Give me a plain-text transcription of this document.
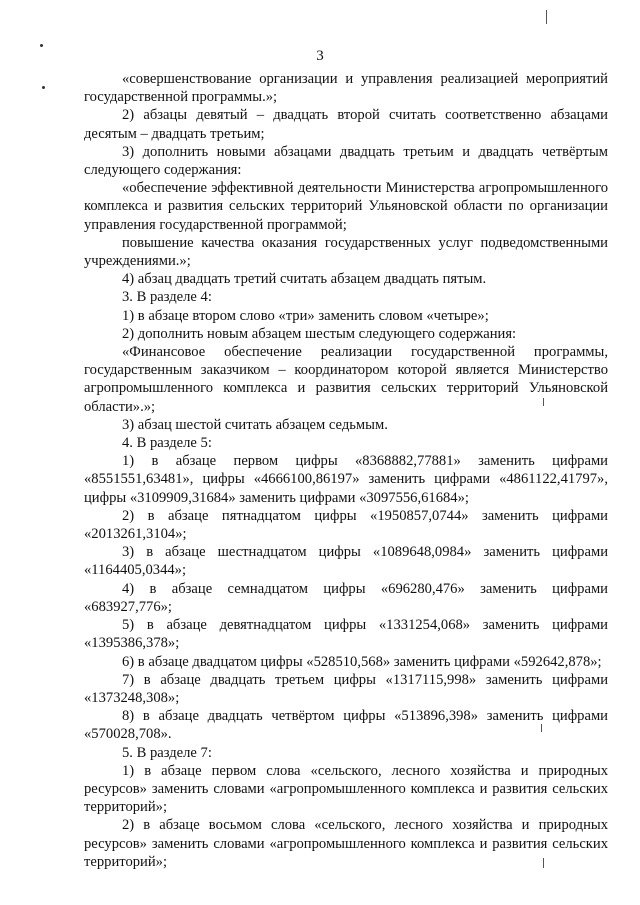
3

«совершенствование организации и управления реализацией мероприятий государственной программы.»;

2) абзацы девятый – двадцать второй считать соответственно абзацами десятым – двадцать третьим;

3) дополнить новыми абзацами двадцать третьим и двадцать четвёртым следующего содержания:

«обеспечение эффективной деятельности Министерства агропромышленного комплекса и развития сельских территорий Ульяновской области по организации управления государственной программой;

повышение качества оказания государственных услуг подведомственными учреждениями.»;

4) абзац двадцать третий считать абзацем двадцать пятым.

3. В разделе 4:

1) в абзаце втором слово «три» заменить словом «четыре»;

2) дополнить новым абзацем шестым следующего содержания:

«Финансовое обеспечение реализации государственной программы, государственным заказчиком – координатором которой является Министерство агропромышленного комплекса и развития сельских территорий Ульяновской области».»;

3) абзац шестой считать абзацем седьмым.

4. В разделе 5:

1) в абзаце первом цифры «8368882,77881» заменить цифрами «8551551,63481», цифры «4666100,86197» заменить цифрами «4861122,41797», цифры «3109909,31684» заменить цифрами «3097556,61684»;

2) в абзаце пятнадцатом цифры «1950857,0744» заменить цифрами «2013261,3104»;

3) в абзаце шестнадцатом цифры «1089648,0984» заменить цифрами «1164405,0344»;

4) в абзаце семнадцатом цифры «696280,476» заменить цифрами «683927,776»;

5) в абзаце девятнадцатом цифры «1331254,068» заменить цифрами «1395386,378»;

6) в абзаце двадцатом цифры «528510,568» заменить цифрами «592642,878»;

7) в абзаце двадцать третьем цифры «1317115,998» заменить цифрами «1373248,308»;

8) в абзаце двадцать четвёртом цифры «513896,398» заменить цифрами «570028,708».

5. В разделе 7:

1) в абзаце первом слова «сельского, лесного хозяйства и природных ресурсов» заменить словами «агропромышленного комплекса и развития сельских территорий»;

2) в абзаце восьмом слова «сельского, лесного хозяйства и природных ресурсов» заменить словами «агропромышленного комплекса и развития сельских территорий»;
